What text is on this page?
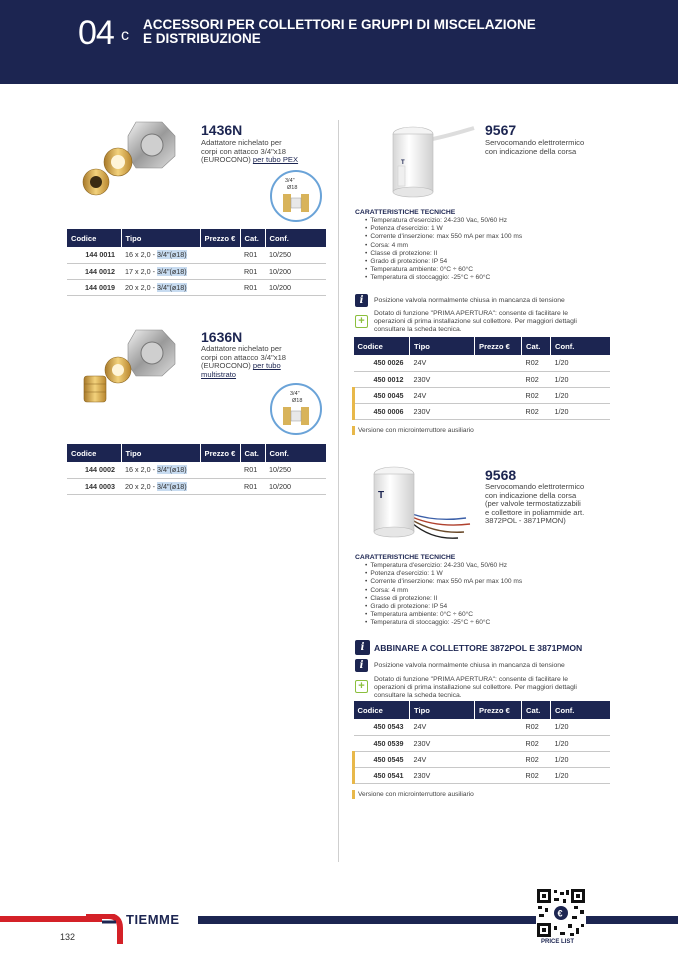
04 c
ACCESSORI PER COLLETTORI E GRUPPI DI MISCELAZIONE
E DISTRIBUZIONE
1436N
Adattatore nichelato per
corpi con attacco 3/4"x18
(EUROCONO) per tubo PEX
3/4"
Ø18
Codice	Tipo	Prezzo €	Cat.	Conf.
144 0011	16 x 2,0 - 3/4"(ø18)		R01	10/250
144 0012	17 x 2,0 - 3/4"(ø18)		R01	10/200
144 0019	20 x 2,0 - 3/4"(ø18)		R01	10/200
1636N
Adattatore nichelato per
corpi con attacco 3/4"x18
(EUROCONO) per tubo
multistrato
3/4"
Ø18
Codice	Tipo	Prezzo €	Cat.	Conf.
144 0002	16 x 2,0 - 3/4"(ø18)		R01	10/250
144 0003	20 x 2,0 - 3/4"(ø18)		R01	10/200
T
9567
Servocomando elettrotermico
con indicazione della corsa
CARATTERISTICHE TECNICHE
• Temperatura d'esercizio: 24-230 Vac, 50/60 Hz
• Potenza d'esercizio: 1 W
• Corrente d'inserzione: max 550 mA per max 100 ms
• Corsa: 4 mm
• Classe di protezione: II
• Grado di protezione: IP 54
• Temperatura ambiente: 0°C ÷ 60°C
• Temperatura di stoccaggio: -25°C ÷ 60°C
i	Posizione valvola normalmente chiusa in mancanza di tensione
+
Dotato di funzione "PRIMA APERTURA": consente di facilitare le
operazioni di prima installazione sul collettore. Per maggiori dettagli
consultare la scheda tecnica.
Codice	Tipo	Prezzo €	Cat.	Conf.
450 0026	24V		R02	1/20
450 0012	230V		R02	1/20
450 0045	24V		R02	1/20
450 0006	230V		R02	1/20
Versione con microinterruttore ausiliario
T
9568
Servocomando elettrotermico
con indicazione della corsa
(per valvole termostatizzabili
e collettore in poliammide art.
3872POL - 3871PMON)
CARATTERISTICHE TECNICHE
• Temperatura d'esercizio: 24-230 Vac, 50/60 Hz
• Potenza d'esercizio: 1 W
• Corrente d'inserzione: max 550 mA per max 100 ms
• Corsa: 4 mm
• Classe di protezione: II
• Grado di protezione: IP 54
• Temperatura ambiente: 0°C ÷ 60°C
• Temperatura di stoccaggio: -25°C ÷ 60°C
i	ABBINARE A COLLETTORE 3872POL E 3871PMON
i	Posizione valvola normalmente chiusa in mancanza di tensione
+
Dotato di funzione "PRIMA APERTURA": consente di facilitare le
operazioni di prima installazione sul collettore. Per maggiori dettagli
consultare la scheda tecnica.
Codice	Tipo	Prezzo €	Cat.	Conf.
450 0543	24V		R02	1/20
450 0539	230V		R02	1/20
450 0545	24V		R02	1/20
450 0541	230V		R02	1/20
Versione con microinterruttore ausiliario
TIEMME
132
€
PRICE LIST
